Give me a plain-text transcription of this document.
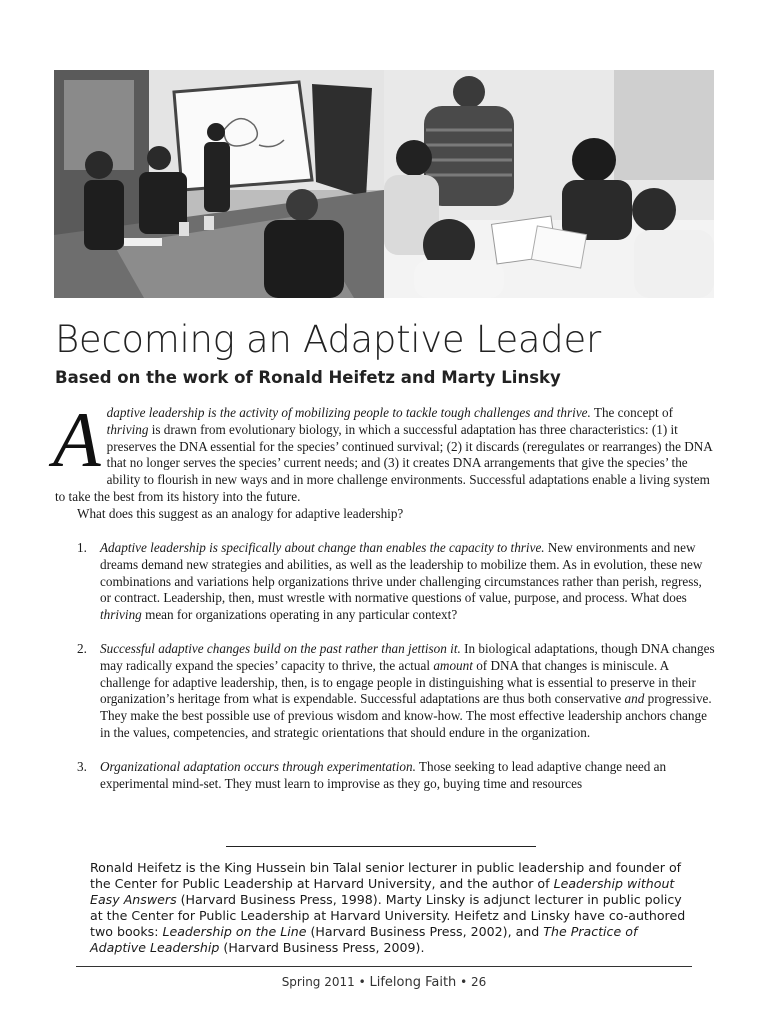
Becoming an Adaptive Leader
Based on the work of Ronald Heifetz and Marty Linsky
A daptive leadership is the activity of mobilizing people to tackle tough challenges and thrive. The concept of thriving is drawn from evolutionary biology, in which a successful adaptation has three characteristics: (1) it preserves the DNA essential for the species’ continued survival; (2) it discards (reregulates or rearranges) the DNA that no longer serves the species’ current needs; and (3) it creates DNA arrangements that give the species’ the ability to flourish in new ways and in more challenge environments. Successful adaptations enable a living system to take the best from its history into the future.

What does this suggest as an analogy for adaptive leadership?
1. Adaptive leadership is specifically about change than enables the capacity to thrive. New environments and new dreams demand new strategies and abilities, as well as the leadership to mobilize them. As in evolution, these new combinations and variations help organizations thrive under challenging circumstances rather than perish, regress, or contract. Leadership, then, must wrestle with normative questions of value, purpose, and process. What does thriving mean for organizations operating in any particular context?
2. Successful adaptive changes build on the past rather than jettison it. In biological adaptations, though DNA changes may radically expand the species’ capacity to thrive, the actual amount of DNA that changes is miniscule. A challenge for adaptive leadership, then, is to engage people in distinguishing what is essential to preserve in their organization’s heritage from what is expendable. Successful adaptations are thus both conservative and progressive. They make the best possible use of previous wisdom and know-how. The most effective leadership anchors change in the values, competencies, and strategic orientations that should endure in the organization.
3. Organizational adaptation occurs through experimentation. Those seeking to lead adaptive change need an experimental mind-set. They must learn to improvise as they go, buying time and resources

Ronald Heifetz is the King Hussein bin Talal senior lecturer in public leadership and founder of the Center for Public Leadership at Harvard University, and the author of Leadership without Easy Answers (Harvard Business Press, 1998). Marty Linsky is adjunct lecturer in public policy at the Center for Public Leadership at Harvard University. Heifetz and Linsky have co-authored two books: Leadership on the Line (Harvard Business Press, 2002), and The Practice of Adaptive Leadership (Harvard Business Press, 2009).

Spring 2011 • Lifelong Faith • 26
